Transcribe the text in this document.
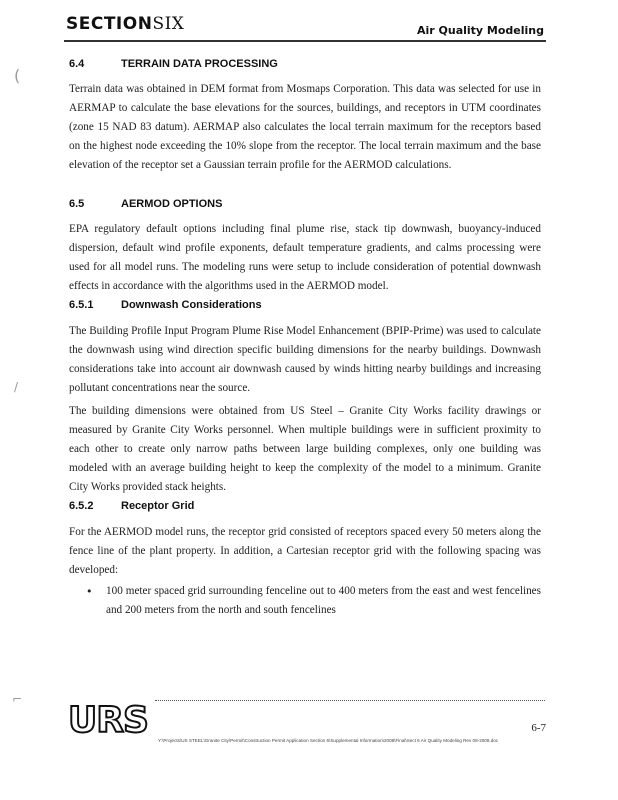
SECTIONSIX	Air Quality Modeling
6.4	TERRAIN DATA PROCESSING
Terrain data was obtained in DEM format from Mosmaps Corporation. This data was selected for use in AERMAP to calculate the base elevations for the sources, buildings, and receptors in UTM coordinates (zone 15 NAD 83 datum). AERMAP also calculates the local terrain maximum for the receptors based on the highest node exceeding the 10% slope from the receptor. The local terrain maximum and the base elevation of the receptor set a Gaussian terrain profile for the AERMOD calculations.
6.5	AERMOD OPTIONS
EPA regulatory default options including final plume rise, stack tip downwash, buoyancy-induced dispersion, default wind profile exponents, default temperature gradients, and calms processing were used for all model runs. The modeling runs were setup to include consideration of potential downwash effects in accordance with the algorithms used in the AERMOD model.
6.5.1	Downwash Considerations
The Building Profile Input Program Plume Rise Model Enhancement (BPIP-Prime) was used to calculate the downwash using wind direction specific building dimensions for the nearby buildings. Downwash considerations take into account air downwash caused by winds hitting nearby buildings and increasing pollutant concentrations near the source.
The building dimensions were obtained from US Steel – Granite City Works facility drawings or measured by Granite City Works personnel. When multiple buildings were in sufficient proximity to each other to create only narrow paths between large building complexes, only one building was modeled with an average building height to keep the complexity of the model to a minimum. Granite City Works provided stack heights.
6.5.2	Receptor Grid
For the AERMOD model runs, the receptor grid consisted of receptors spaced every 50 meters along the fence line of the plant property. In addition, a Cartesian receptor grid with the following spacing was developed:
• 100 meter spaced grid surrounding fenceline out to 400 meters from the east and west fencelines and 200 meters from the north and south fencelines
URS	6-7
Y:\Projects\US STEEL\Granite City\Permit\Construction Permit Application Section 6\Supplemental Information\2008\Final\Sect 6 Air Quality Modeling Rev 08-2008.doc
(
/
⌐
